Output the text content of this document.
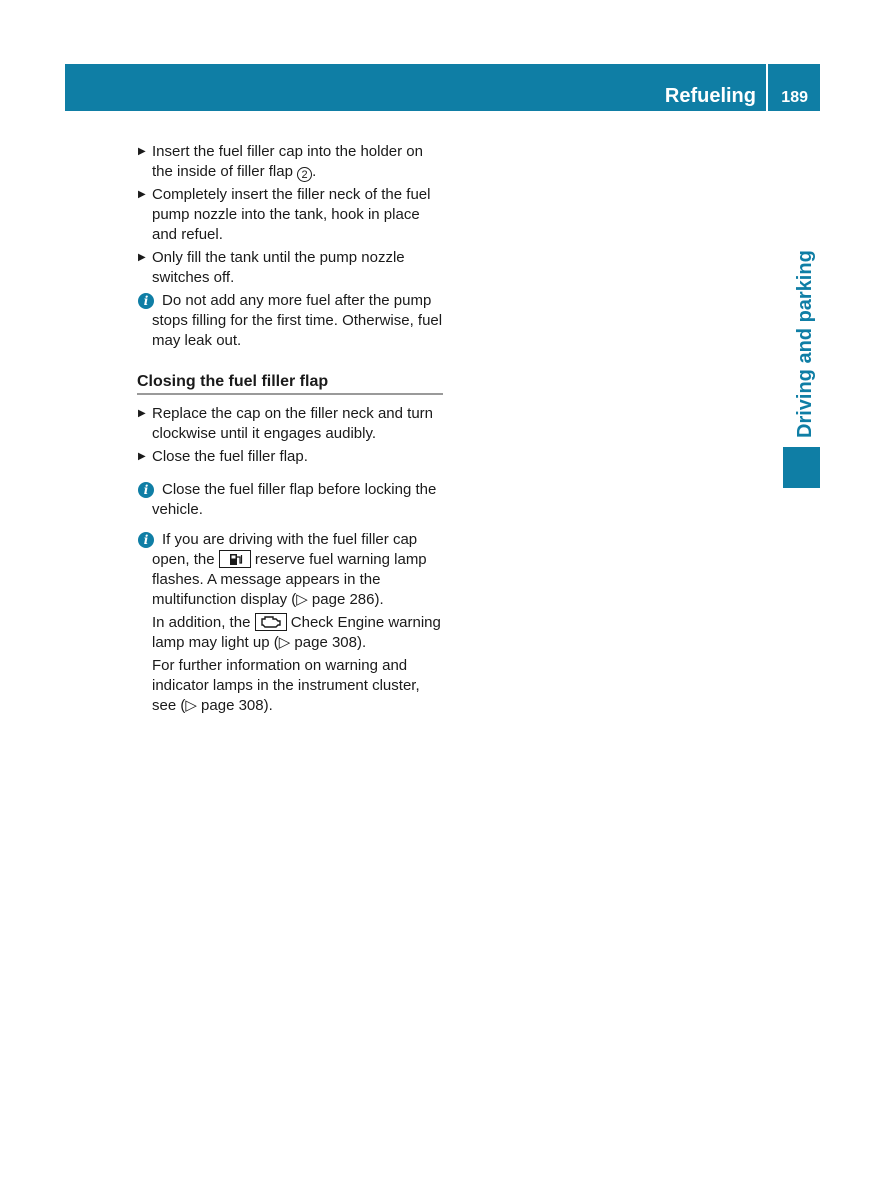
Refueling 189
Driving and parking
▶ Insert the fuel filler cap into the holder on the inside of filler flap 2 .
▶ Completely insert the filler neck of the fuel pump nozzle into the tank, hook in place and refuel.
▶ Only fill the tank until the pump nozzle switches off.
i Do not add any more fuel after the pump stops filling for the first time. Otherwise, fuel may leak out.
Closing the fuel filler flap
▶ Replace the cap on the filler neck and turn clockwise until it engages audibly.
▶ Close the fuel filler flap.
i Close the fuel filler flap before locking the vehicle.
i If you are driving with the fuel filler cap open, the	reserve fuel warning lamp flashes. A message appears in the multifunction display (▷ page 286).
In addition, the	Check Engine warning lamp may light up (▷ page 308).
For further information on warning and indicator lamps in the instrument cluster, see (▷ page 308).
